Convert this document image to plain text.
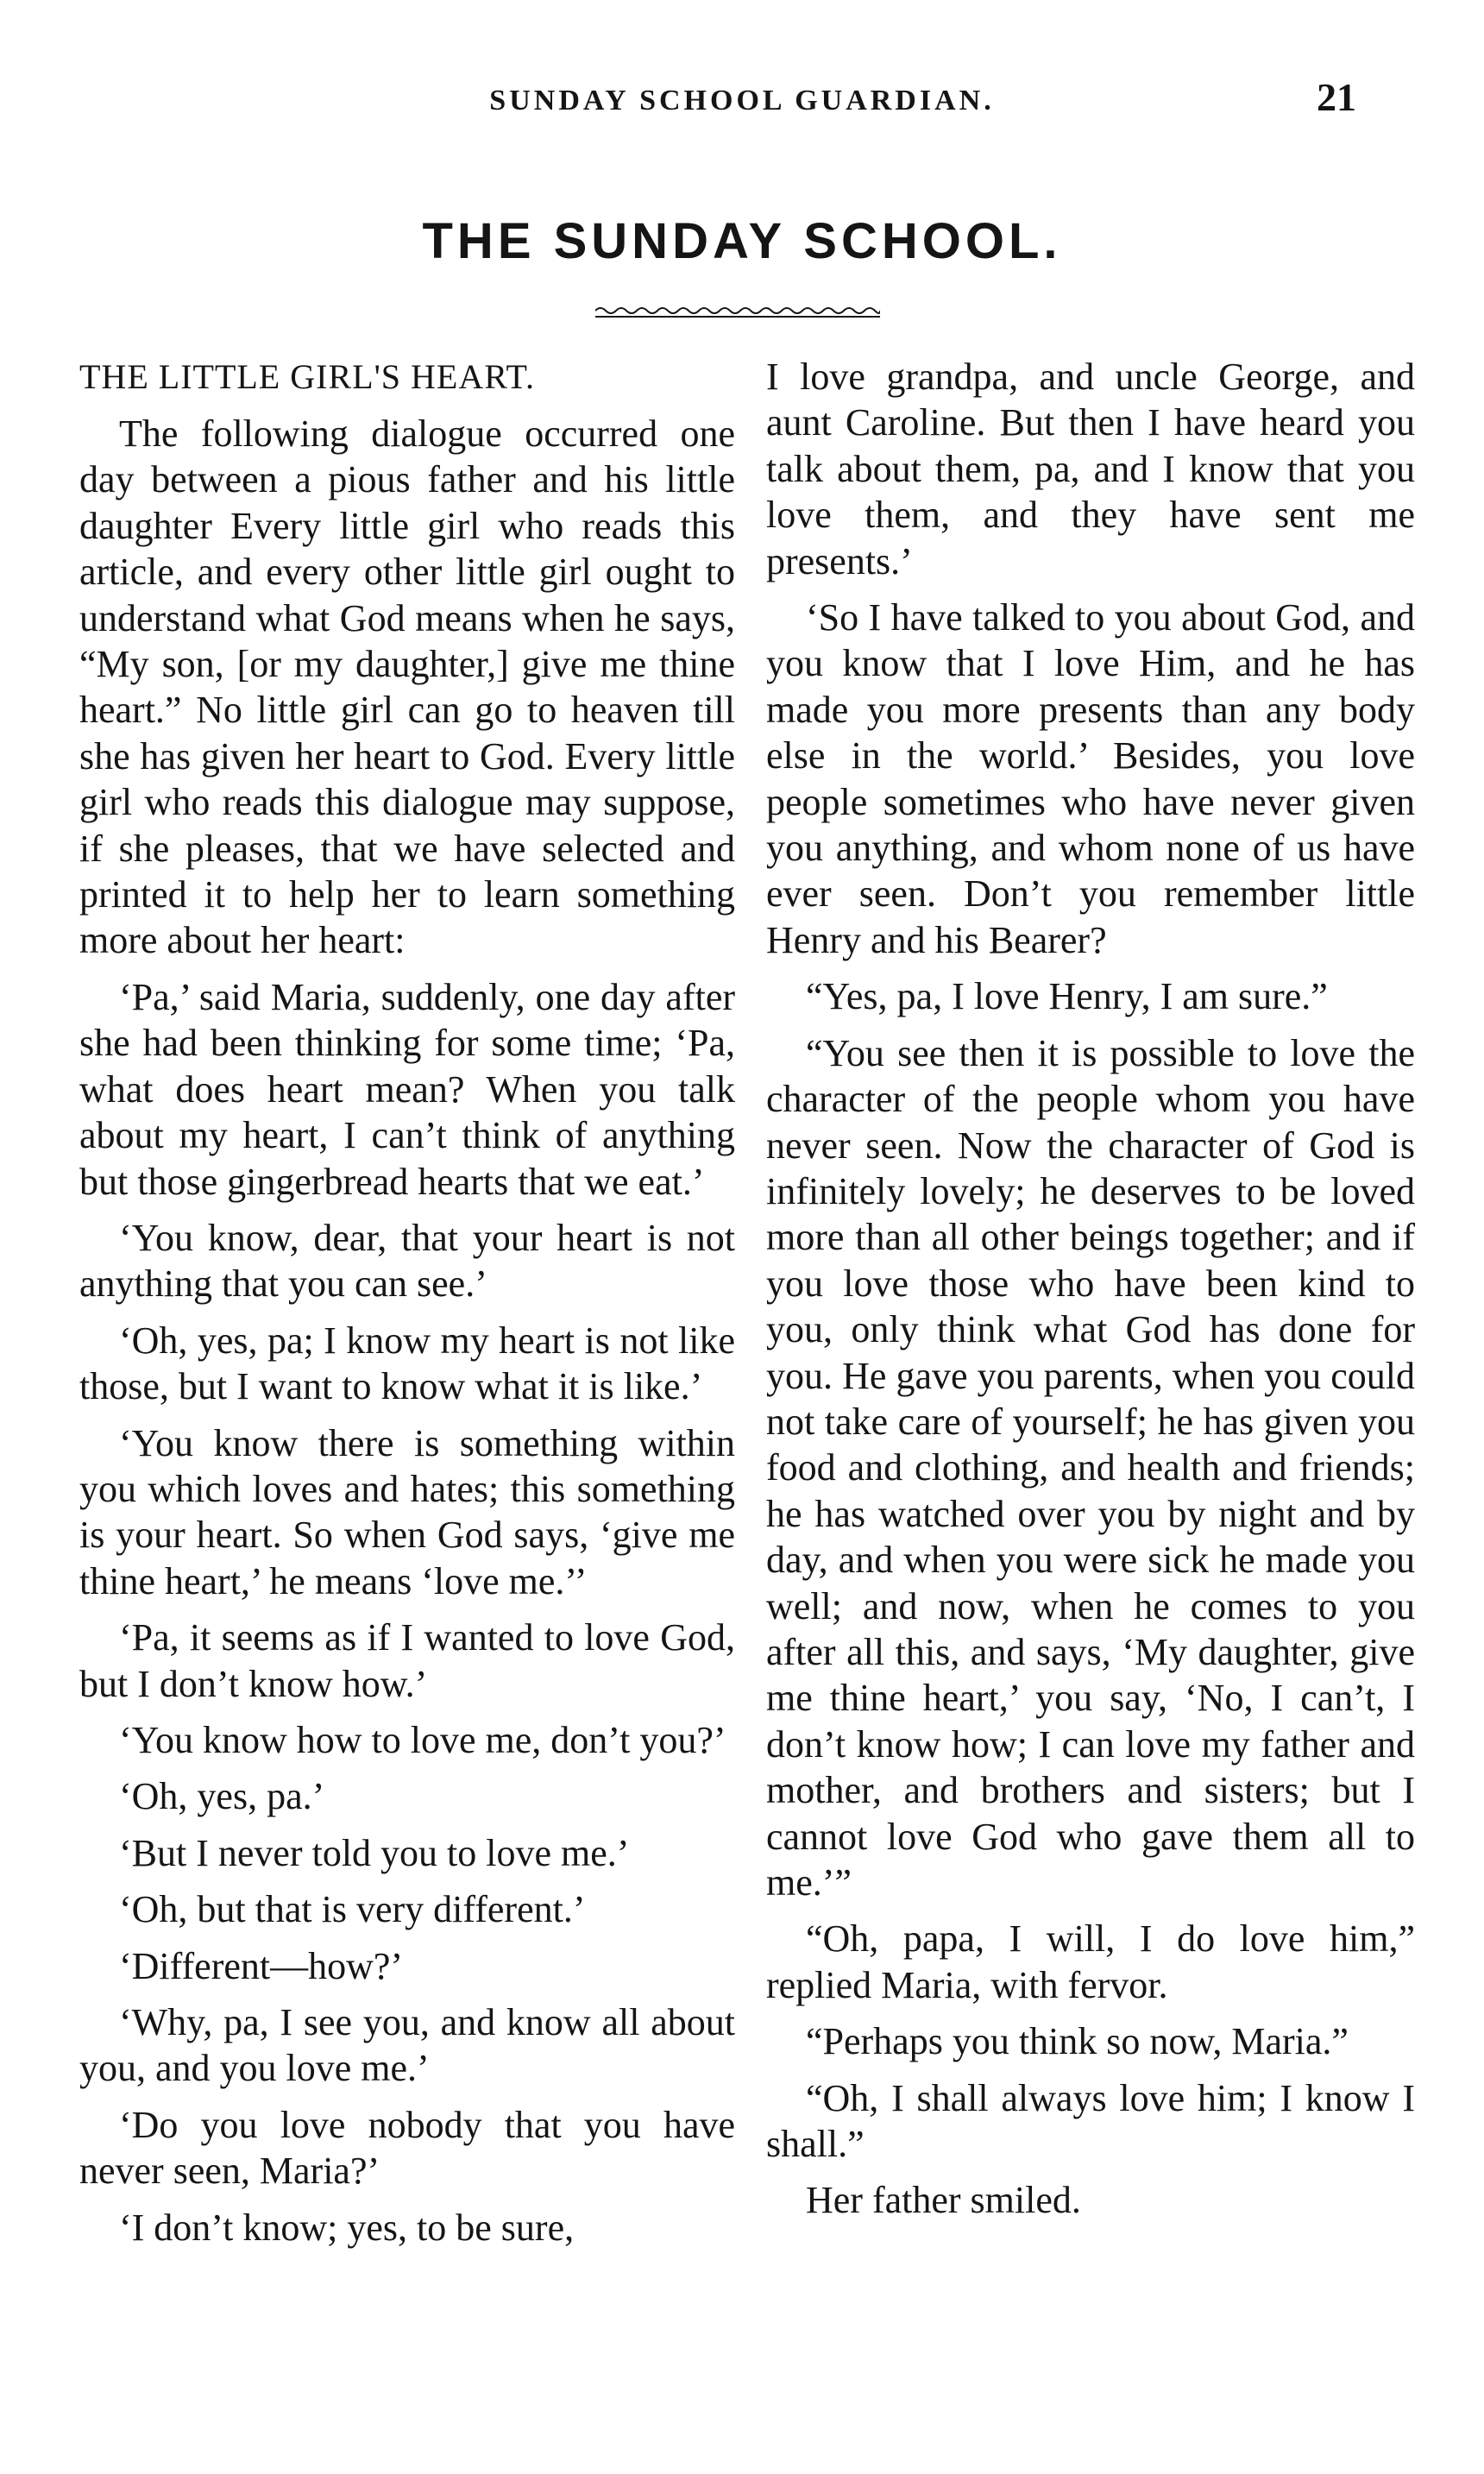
SUNDAY SCHOOL GUARDIAN.	21
THE SUNDAY SCHOOL.

THE LITTLE GIRL'S HEART.

The following dialogue occurred one day between a pious father and his little daughter Every little girl who reads this article, and every other little girl ought to understand what God means when he says, “My son, [or my daughter,] give me thine heart.” No little girl can go to heaven till she has given her heart to God. Every little girl who reads this dialogue may suppose, if she pleases, that we have selected and printed it to help her to learn something more about her heart:

‘Pa,’ said Maria, suddenly, one day after she had been thinking for some time; ‘Pa, what does heart mean? When you talk about my heart, I can’t think of anything but those gingerbread hearts that we eat.’

‘You know, dear, that your heart is not anything that you can see.’

‘Oh, yes, pa; I know my heart is not like those, but I want to know what it is like.’

‘You know there is something within you which loves and hates; this something is your heart. So when God says, ‘give me thine heart,’ he means ‘love me.’’

‘Pa, it seems as if I wanted to love God, but I don’t know how.’

‘You know how to love me, don’t you?’

‘Oh, yes, pa.’

‘But I never told you to love me.’

‘Oh, but that is very different.’

‘Different—how?’

‘Why, pa, I see you, and know all about you, and you love me.’

‘Do you love nobody that you have never seen, Maria?’

‘I don’t know; yes, to be sure,

I love grandpa, and uncle George, and aunt Caroline. But then I have heard you talk about them, pa, and I know that you love them, and they have sent me presents.’

‘So I have talked to you about God, and you know that I love Him, and he has made you more presents than any body else in the world.’ Besides, you love people sometimes who have never given you anything, and whom none of us have ever seen. Don’t you remember little Henry and his Bearer?

“Yes, pa, I love Henry, I am sure.”

“You see then it is possible to love the character of the people whom you have never seen. Now the character of God is infinitely lovely; he deserves to be loved more than all other beings together; and if you love those who have been kind to you, only think what God has done for you. He gave you parents, when you could not take care of yourself; he has given you food and clothing, and health and friends; he has watched over you by night and by day, and when you were sick he made you well; and now, when he comes to you after all this, and says, ‘My daughter, give me thine heart,’ you say, ‘No, I can’t, I don’t know how; I can love my father and mother, and brothers and sisters; but I cannot love God who gave them all to me.’”

“Oh, papa, I will, I do love him,” replied Maria, with fervor.

“Perhaps you think so now, Maria.”

“Oh, I shall always love him; I know I shall.”

Her father smiled.
